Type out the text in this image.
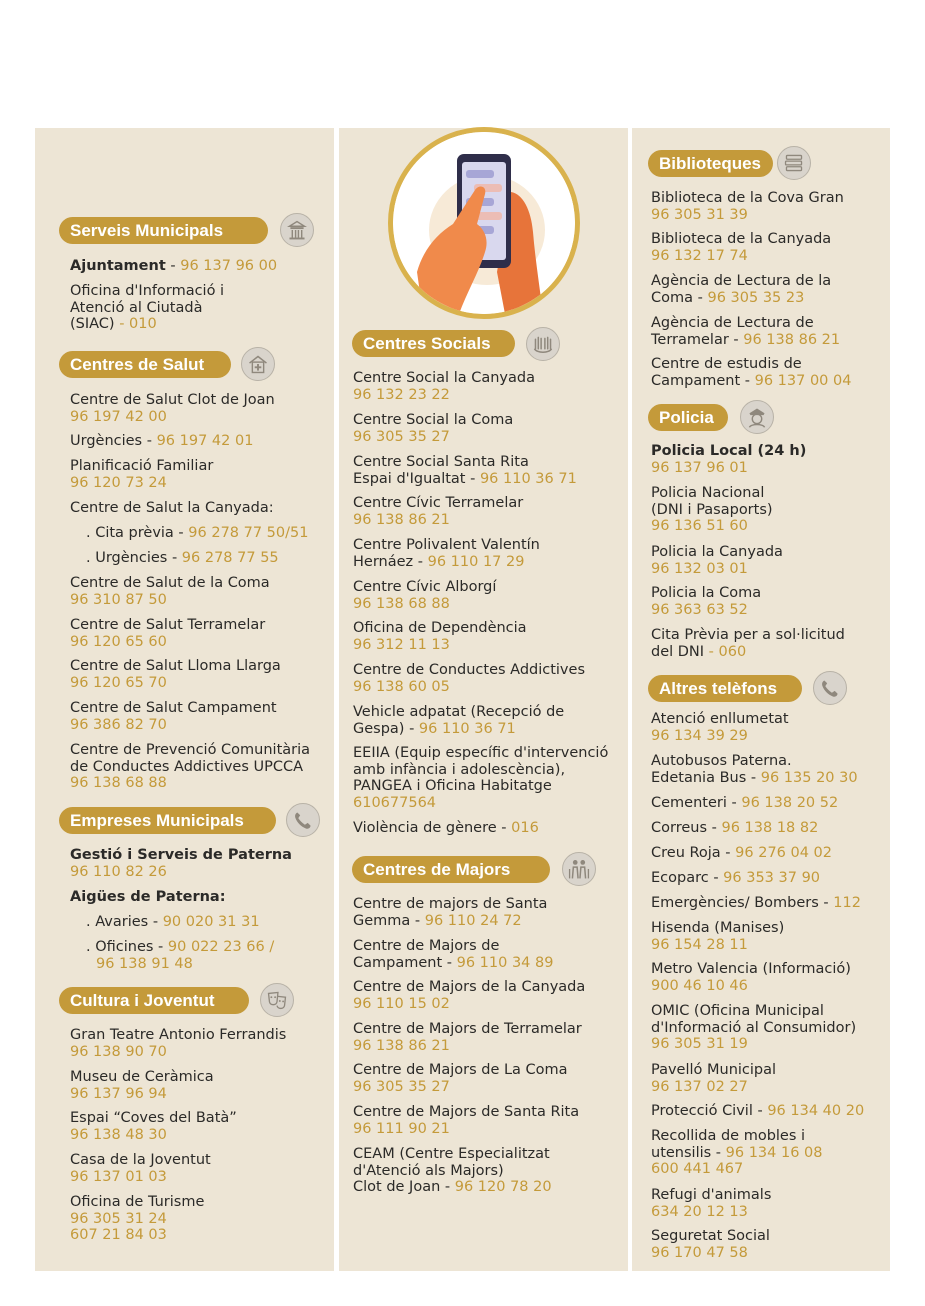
Serveis Municipals
Ajuntament - 96 137 96 00
Oficina d'Informació i
Atenció al Ciutadà
(SIAC) - 010
Centres de Salut
Centre de Salut Clot de Joan
96 197 42 00
Urgències - 96 197 42 01
Planificació Familiar
96 120 73 24
Centre de Salut la Canyada:
. Cita prèvia - 96 278 77 50/51
. Urgències - 96 278 77 55
Centre de Salut de la Coma
96 310 87 50
Centre de Salut Terramelar
96 120 65 60
Centre de Salut Lloma Llarga
96 120 65 70
Centre de Salut Campament
96 386 82 70
Centre de Prevenció Comunitària
de Conductes Addictives UPCCA
96 138 68 88
Empreses Municipals
Gestió i Serveis de Paterna
96 110 82 26
Aigües de Paterna:
. Avaries - 90 020 31 31
. Oficines - 90 022 23 66 /
96 138 91 48
Cultura i Joventut
Gran Teatre Antonio Ferrandis
96 138 90 70
Museu de Ceràmica
96 137 96 94
Espai “Coves del Batà”
96 138 48 30
Casa de la Joventut
96 137 01 03
Oficina de Turisme
96 305 31 24
607 21 84 03
Centres Socials
Centre Social la Canyada
96 132 23 22
Centre Social la Coma
96 305 35 27
Centre Social Santa Rita
Espai d'Igualtat - 96 110 36 71
Centre Cívic Terramelar
96 138 86 21
Centre Polivalent Valentín
Hernáez - 96 110 17 29
Centre Cívic Alborgí
96 138 68 88
Oficina de Dependència
96 312 11 13
Centre de Conductes Addictives
96 138 60 05
Vehicle adpatat (Recepció de
Gespa) - 96 110 36 71
EEIIA (Equip específic d'intervenció
amb infància i adolescència),
PANGEA i Oficina Habitatge
610677564
Violència de gènere - 016
Centres de Majors
Centre de majors de Santa
Gemma - 96 110 24 72
Centre de Majors de
Campament - 96 110 34 89
Centre de Majors de la Canyada
96 110 15 02
Centre de Majors de Terramelar
96 138 86 21
Centre de Majors de La Coma
96 305 35 27
Centre de Majors de Santa Rita
96 111 90 21
CEAM (Centre Especialitzat
d'Atenció als Majors)
Clot de Joan - 96 120 78 20
Biblioteques
Biblioteca de la Cova Gran
96 305 31 39
Biblioteca de la Canyada
96 132 17 74
Agència de Lectura de la
Coma - 96 305 35 23
Agència de Lectura de
Terramelar - 96 138 86 21
Centre de estudis de
Campament - 96 137 00 04
Policia
Policia Local (24 h)
96 137 96 01
Policia Nacional
(DNI i Pasaports)
96 136 51 60
Policia la Canyada
96 132 03 01
Policia la Coma
96 363 63 52
Cita Prèvia per a sol·licitud
del DNI - 060
Altres telèfons
Atenció enllumetat
96 134 39 29
Autobusos Paterna.
Edetania Bus - 96 135 20 30
Cementeri - 96 138 20 52
Correus - 96 138 18 82
Creu Roja - 96 276 04 02
Ecoparc - 96 353 37 90
Emergències/ Bombers - 112
Hisenda (Manises)
96 154 28 11
Metro Valencia (Informació)
900 46 10 46
OMIC (Oficina Municipal
d'Informació al Consumidor)
96 305 31 19
Pavelló Municipal
96 137 02 27
Protecció Civil - 96 134 40 20
Recollida de mobles i
utensilis - 96 134 16 08
600 441 467
Refugi d'animals
634 20 12 13
Seguretat Social
96 170 47 58
